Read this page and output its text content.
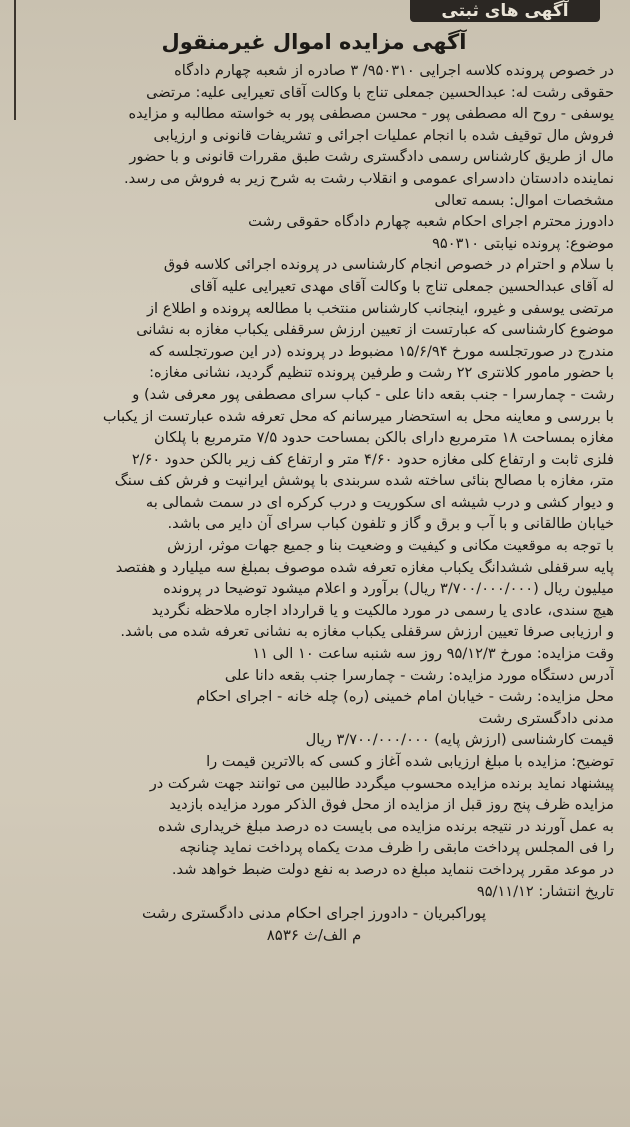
آگهی های ثبتی
آگهی مزایده اموال غیرمنقول
در خصوص پرونده کلاسه اجرایی ۹۵۰۳۱۰/ ۳ صادره از شعبه چهارم دادگاه
حقوقی رشت له: عبدالحسین جمعلی تناج با وکالت آقای تعیرایی علیه: مرتضی
یوسفی - روح اله مصطفی پور - محسن مصطفی پور به خواسته مطالبه و مزایده
فروش مال توقیف شده با انجام عملیات اجرائی و تشریفات قانونی و ارزیابی
مال از طریق کارشناس رسمی دادگستری رشت طبق مقررات قانونی و با حضور
نماینده دادستان دادسرای عمومی و انقلاب رشت به شرح زیر به فروش می رسد.
مشخصات اموال: بسمه تعالی
دادورز محترم اجرای احکام شعبه چهارم دادگاه حقوقی رشت
موضوع: پرونده نیابتی ۹۵۰۳۱۰
با سلام و احترام در خصوص انجام کارشناسی در پرونده اجرائی کلاسه فوق
له آقای عبدالحسین جمعلی تناج با وکالت آقای مهدی تعیرایی علیه آقای
مرتضی یوسفی و غیرو، اینجانب کارشناس منتخب با مطالعه پرونده و اطلاع از
موضوع کارشناسی که عبارتست از تعیین ارزش سرقفلی یکباب مغازه به نشانی
مندرج در صورتجلسه مورخ ۱۵/۶/۹۴ مضبوط در پرونده (در این صورتجلسه که
با حضور مامور کلانتری ۲۲ رشت و طرفین پرونده تنظیم گردید، نشانی مغازه:
رشت - چمارسرا - جنب بقعه دانا علی - کباب سرای مصطفی پور معرفی شد) و
با بررسی و معاینه محل به استحضار میرسانم که محل تعرفه شده عبارتست از یکباب
مغازه بمساحت ۱۸ مترمربع دارای بالکن بمساحت حدود ۷/۵ مترمربع با پلکان
فلزی ثابت و ارتفاع کلی مغازه حدود ۴/۶۰ متر و ارتفاع کف زیر بالکن حدود ۲/۶۰
متر، مغازه با مصالح بنائی ساخته شده سربندی با پوشش ایرانیت و فرش کف سنگ
و دیوار کشی و درب شیشه ای سکوریت و درب کرکره ای در سمت شمالی به
خیابان طالقانی و با آب و برق و گاز و تلفون کباب سرای آن دایر می باشد.
با توجه به موقعیت مکانی و کیفیت و وضعیت بنا و جمیع جهات موثر، ارزش
پایه سرقفلی ششدانگ یکباب مغازه تعرفه شده موصوف بمبلغ سه میلیارد و هفتصد
میلیون ریال (۳/۷۰۰/۰۰۰/۰۰۰ ریال) برآورد و اعلام میشود توضیحا در پرونده
هیچ سندی، عادی یا رسمی در مورد مالکیت و یا قرارداد اجاره ملاحظه نگردید
و ارزیابی صرفا تعیین ارزش سرقفلی یکباب مغازه به نشانی تعرفه شده می باشد.
وقت مزایده: مورخ ۹۵/۱۲/۳ روز سه شنبه ساعت ۱۰ الی ۱۱
آدرس دستگاه مورد مزایده: رشت - چمارسرا جنب بقعه دانا علی
محل مزایده: رشت - خیابان امام خمینی (ره) چله خانه - اجرای احکام
مدنی دادگستری رشت
قیمت کارشناسی (ارزش پایه) ۳/۷۰۰/۰۰۰/۰۰۰ ریال
توضیح: مزایده با مبلغ ارزیابی شده آغاز و کسی که بالاترین قیمت را
پیشنهاد نماید برنده مزایده محسوب میگردد طالبین می توانند جهت شرکت در
مزایده ظرف پنج روز قبل از مزایده از محل فوق الذکر مورد مزایده بازدید
به عمل آورند در نتیجه برنده مزایده می بایست ده درصد مبلغ خریداری شده
را فی المجلس پرداخت مابقی را ظرف مدت یکماه پرداخت نماید چنانچه
در موعد مقرر پرداخت ننماید مبلغ ده درصد به نفع دولت ضبط خواهد شد.
تاریخ انتشار: ۹۵/۱۱/۱۲
پوراکبریان - دادورز اجرای احکام مدنی دادگستری رشت
م الف/ث ۸۵۳۶
